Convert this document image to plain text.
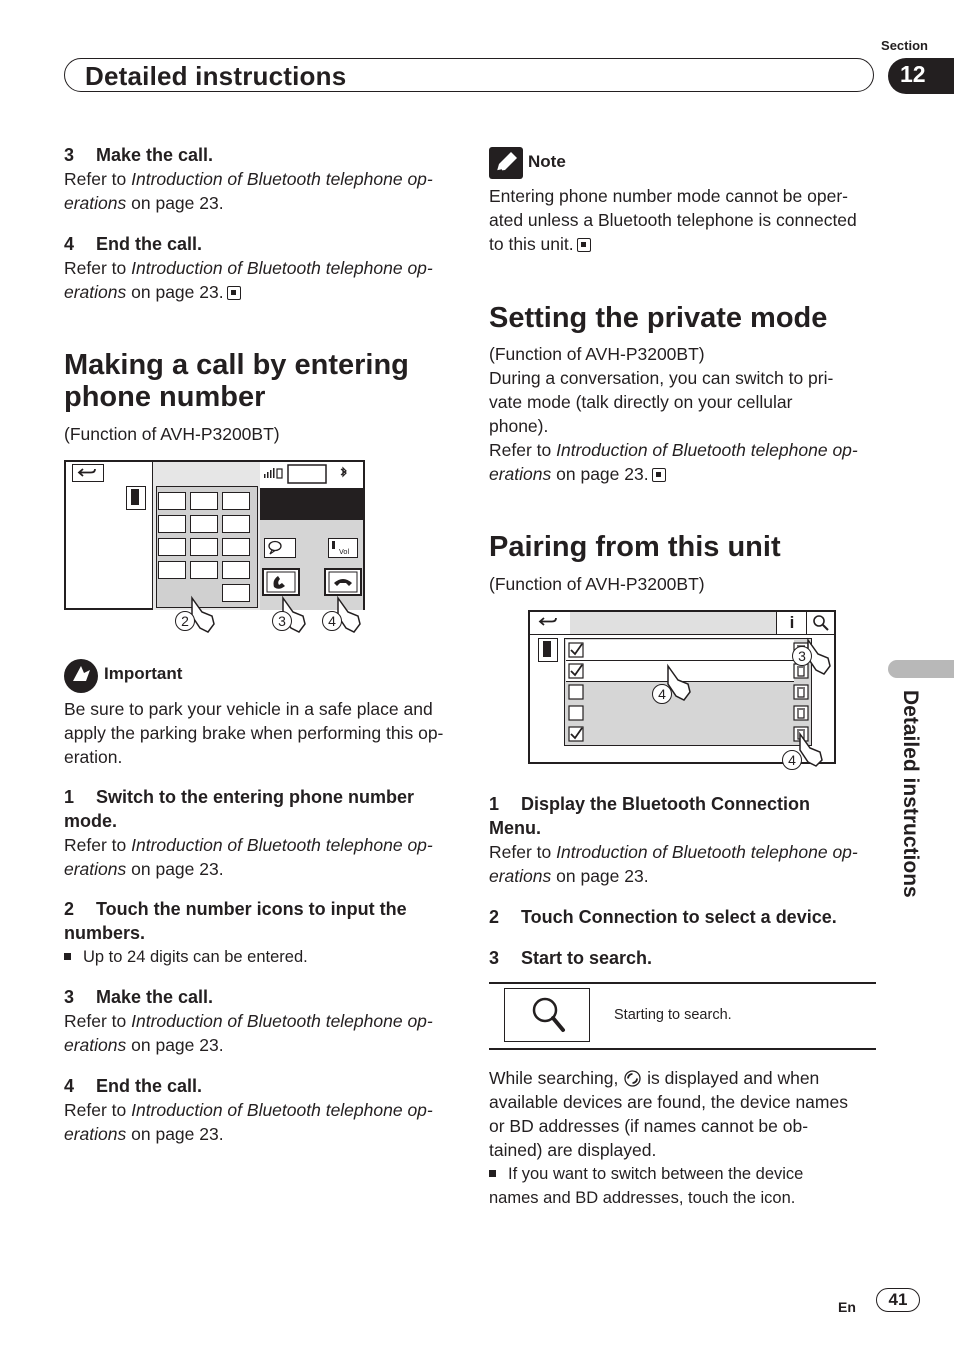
Section
Detailed instructions	12
3 Make the call.
Refer to Introduction of Bluetooth telephone op-
erations on page 23.
4 End the call.
Refer to Introduction of Bluetooth telephone op-
erations on page 23.
Making a call by entering
phone number
(Function of AVH-P3200BT)
Vol
2	3	4
Important
Be sure to park your vehicle in a safe place and
apply the parking brake when performing this op-
eration.
1 Switch to the entering phone number
mode.
Refer to Introduction of Bluetooth telephone op-
erations on page 23.
2 Touch the number icons to input the
numbers.
Up to 24 digits can be entered.
3 Make the call.
Refer to Introduction of Bluetooth telephone op-
erations on page 23.
4 End the call.
Refer to Introduction of Bluetooth telephone op-
erations on page 23.
Note
Entering phone number mode cannot be oper-
ated unless a Bluetooth telephone is connected
to this unit.
Setting the private mode
(Function of AVH-P3200BT)
During a conversation, you can switch to pri-
vate mode (talk directly on your cellular
phone).
Refer to Introduction of Bluetooth telephone op-
erations on page 23.
Pairing from this unit
(Function of AVH-P3200BT)
i
3
4
4
1 Display the Bluetooth Connection
Menu.
Refer to Introduction of Bluetooth telephone op-
erations on page 23.
2 Touch Connection to select a device.
3 Start to search.
Starting to search.
While searching,  is displayed and when
available devices are found, the device names
or BD addresses (if names cannot be ob-
tained) are displayed.
If you want to switch between the device
names and BD addresses, touch the icon.
Detailed instructions
En	41
